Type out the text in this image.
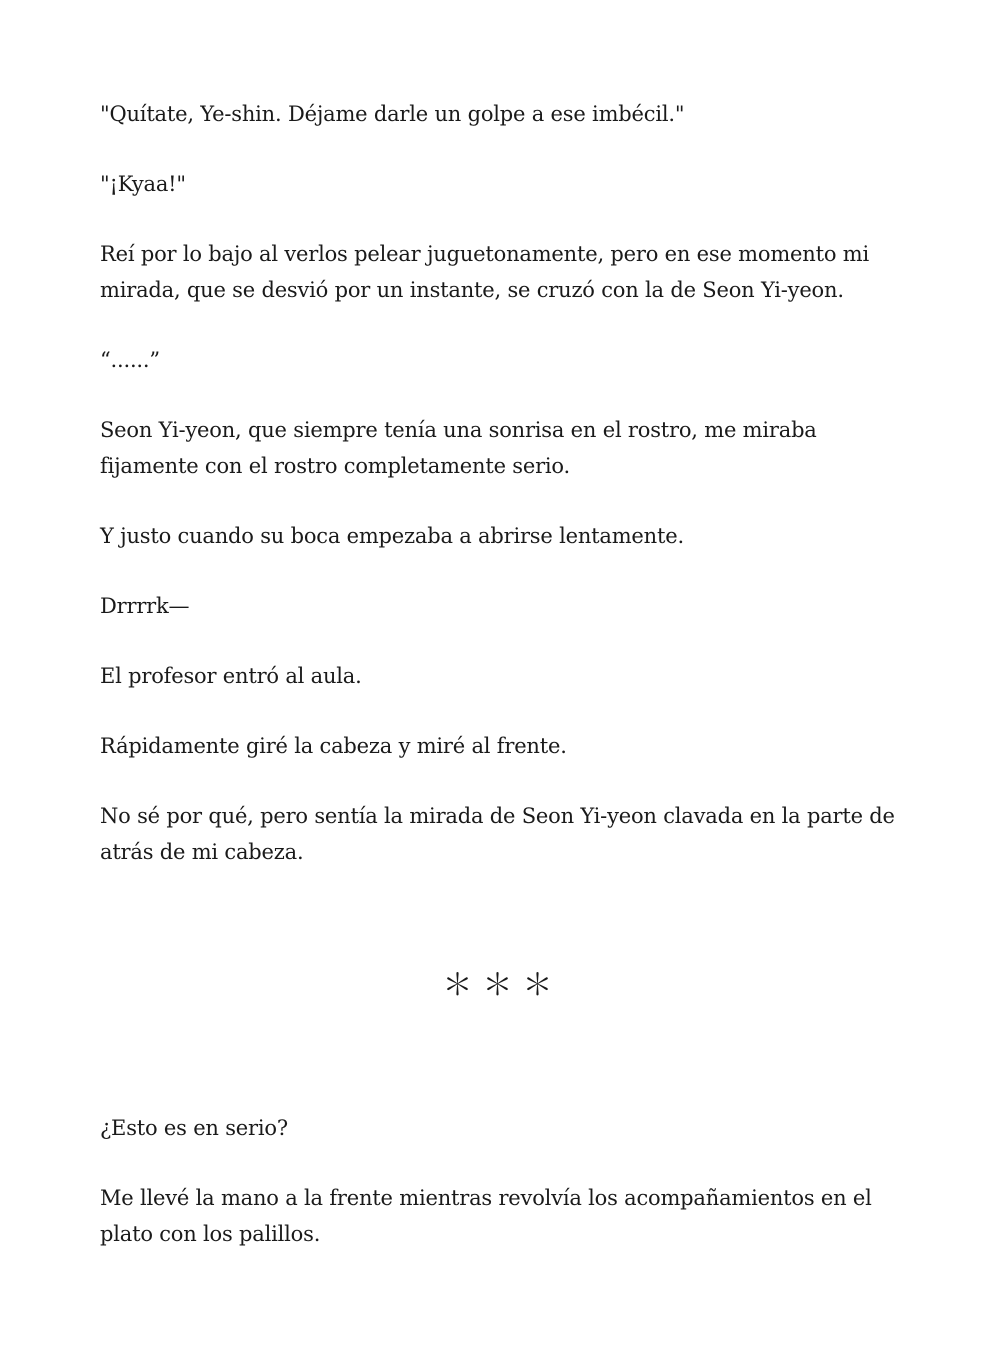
"Quítate, Ye-shin. Déjame darle un golpe a ese imbécil."

"¡Kyaa!"

Reí por lo bajo al verlos pelear juguetonamente, pero en ese momento mi mirada, que se desvió por un instante, se cruzó con la de Seon Yi-yeon.

“......”

Seon Yi-yeon, que siempre tenía una sonrisa en el rostro, me miraba fijamente con el rostro completamente serio.

Y justo cuando su boca empezaba a abrirse lentamente.

Drrrrk—

El profesor entró al aula.

Rápidamente giré la cabeza y miré al frente.

No sé por qué, pero sentía la mirada de Seon Yi-yeon clavada en la parte de atrás de mi cabeza.

＊＊＊

¿Esto es en serio?

Me llevé la mano a la frente mientras revolvía los acompañamientos en el plato con los palillos.
